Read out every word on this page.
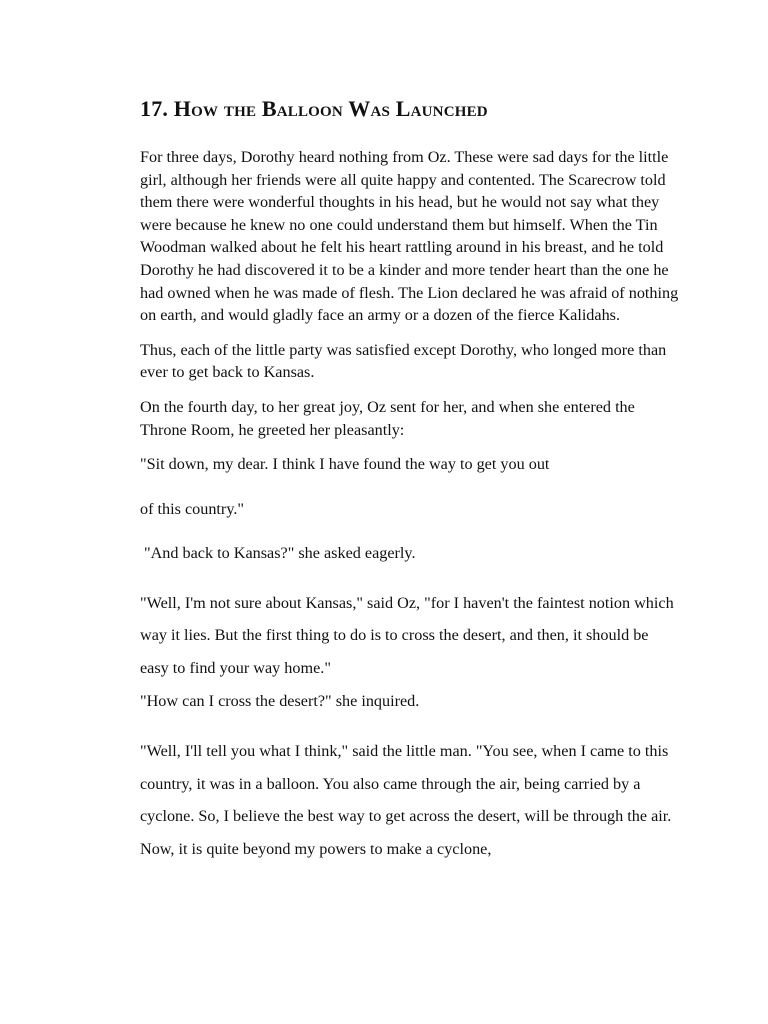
17. How the Balloon Was Launched

For three days, Dorothy heard nothing from Oz. These were sad days for the little girl, although her friends were all quite happy and contented. The Scarecrow told them there were wonderful thoughts in his head, but he would not say what they were because he knew no one could understand them but himself. When the Tin Woodman walked about he felt his heart rattling around in his breast, and he told Dorothy he had discovered it to be a kinder and more tender heart than the one he had owned when he was made of flesh. The Lion declared he was afraid of nothing on earth, and would gladly face an army or a dozen of the fierce Kalidahs.

Thus, each of the little party was satisfied except Dorothy, who longed more than ever to get back to Kansas.

On the fourth day, to her great joy, Oz sent for her, and when she entered the Throne Room, he greeted her pleasantly:

"Sit down, my dear. I think I have found the way to get you out

of this country."

"And back to Kansas?" she asked eagerly.

"Well, I'm not sure about Kansas," said Oz, "for I haven't the faintest notion which way it lies. But the first thing to do is to cross the desert, and then, it should be easy to find your way home."

"How can I cross the desert?" she inquired.

"Well, I'll tell you what I think," said the little man. "You see, when I came to this country, it was in a balloon. You also came through the air, being carried by a cyclone. So, I believe the best way to get across the desert, will be through the air. Now, it is quite beyond my powers to make a cyclone,
